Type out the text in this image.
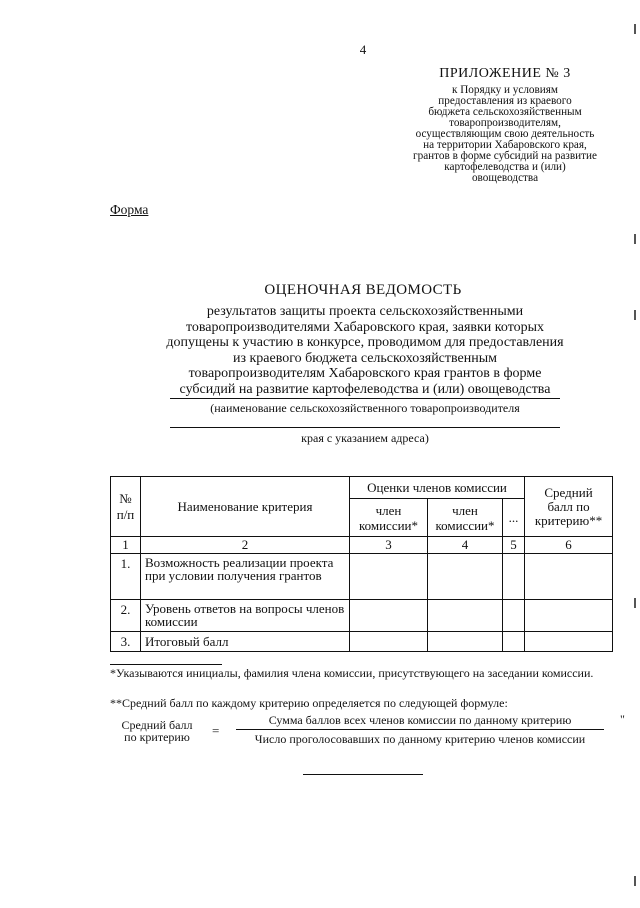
4
ПРИЛОЖЕНИЕ № 3
к Порядку и условиям
предоставления из краевого
бюджета сельскохозяйственным
товаропроизводителям,
осуществляющим свою деятельность
на территории Хабаровского края,
грантов в форме субсидий на развитие
картофелеводства и (или)
овощеводства
Форма
ОЦЕНОЧНАЯ ВЕДОМОСТЬ
результатов защиты проекта сельскохозяйственными
товаропроизводителями Хабаровского края, заявки которых
допущены к участию в конкурсе, проводимом для предоставления
из краевого бюджета сельскохозяйственным
товаропроизводителям Хабаровского края грантов в форме
субсидий на развитие картофелеводства и (или) овощеводства
(наименование сельскохозяйственного товаропроизводителя
края с указанием адреса)
№ п/п	Наименование критерия	Оценки членов комиссии			Средний балл по критерию**
		член комиссии*	член комиссии*	...	
1	2	3	4	5	6
1.	Возможность реализации проекта при условии получения грантов				
2.	Уровень ответов на вопросы членов комиссии				
3.	Итоговый балл				
*Указываются инициалы, фамилия члена комиссии, присутствующего на заседании комиссии.
**Средний балл по каждому критерию определяется по следующей формуле:
Средний балл
по критерию	=
Сумма баллов всех членов комиссии по данному критерию
Число проголосовавших по данному критерию членов комиссии
"
